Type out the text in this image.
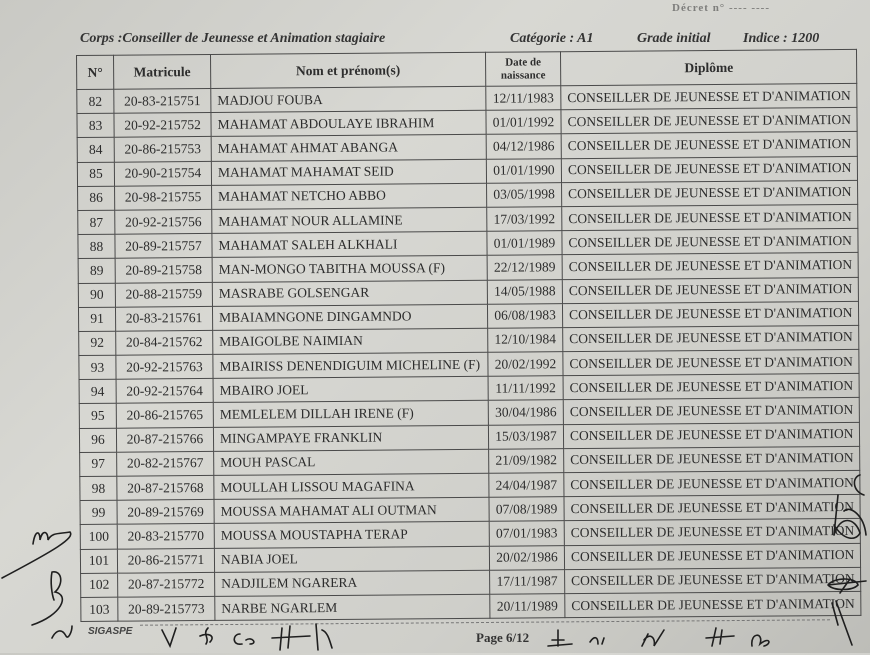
Décret n° ---- ----
Corps :Conseiller de Jeunesse et Animation stagiaire	Catégorie : A1	Grade initial Indice : 1200
N°	Matricule	Nom et prénom(s)	Date de
naissance	Diplôme
82	20-83-215751	MADJOU FOUBA	12/11/1983	CONSEILLER DE JEUNESSE ET D'ANIMATION
83	20-92-215752	MAHAMAT ABDOULAYE IBRAHIM	01/01/1992	CONSEILLER DE JEUNESSE ET D'ANIMATION
84	20-86-215753	MAHAMAT AHMAT ABANGA	04/12/1986	CONSEILLER DE JEUNESSE ET D'ANIMATION
85	20-90-215754	MAHAMAT MAHAMAT SEID	01/01/1990	CONSEILLER DE JEUNESSE ET D'ANIMATION
86	20-98-215755	MAHAMAT NETCHO ABBO	03/05/1998	CONSEILLER DE JEUNESSE ET D'ANIMATION
87	20-92-215756	MAHAMAT NOUR ALLAMINE	17/03/1992	CONSEILLER DE JEUNESSE ET D'ANIMATION
88	20-89-215757	MAHAMAT SALEH ALKHALI	01/01/1989	CONSEILLER DE JEUNESSE ET D'ANIMATION
89	20-89-215758	MAN-MONGO TABITHA MOUSSA (F)	22/12/1989	CONSEILLER DE JEUNESSE ET D'ANIMATION
90	20-88-215759	MASRABE GOLSENGAR	14/05/1988	CONSEILLER DE JEUNESSE ET D'ANIMATION
91	20-83-215761	MBAIAMNGONE DINGAMNDO	06/08/1983	CONSEILLER DE JEUNESSE ET D'ANIMATION
92	20-84-215762	MBAIGOLBE NAIMIAN	12/10/1984	CONSEILLER DE JEUNESSE ET D'ANIMATION
93	20-92-215763	MBAIRISS DENENDIGUIM MICHELINE (F)	20/02/1992	CONSEILLER DE JEUNESSE ET D'ANIMATION
94	20-92-215764	MBAIRO JOEL	11/11/1992	CONSEILLER DE JEUNESSE ET D'ANIMATION
95	20-86-215765	MEMLELEM DILLAH IRENE (F)	30/04/1986	CONSEILLER DE JEUNESSE ET D'ANIMATION
96	20-87-215766	MINGAMPAYE FRANKLIN	15/03/1987	CONSEILLER DE JEUNESSE ET D'ANIMATION
97	20-82-215767	MOUH PASCAL	21/09/1982	CONSEILLER DE JEUNESSE ET D'ANIMATION
98	20-87-215768	MOULLAH LISSOU MAGAFINA	24/04/1987	CONSEILLER DE JEUNESSE ET D'ANIMATION
99	20-89-215769	MOUSSA MAHAMAT ALI OUTMAN	07/08/1989	CONSEILLER DE JEUNESSE ET D'ANIMATION
100	20-83-215770	MOUSSA MOUSTAPHA TERAP	07/01/1983	CONSEILLER DE JEUNESSE ET D'ANIMATION
101	20-86-215771	NABIA JOEL	20/02/1986	CONSEILLER DE JEUNESSE ET D'ANIMATION
102	20-87-215772	NADJILEM NGARERA	17/11/1987	CONSEILLER DE JEUNESSE ET D'ANIMATION
103	20-89-215773	NARBE NGARLEM	20/11/1989	CONSEILLER DE JEUNESSE ET D'ANIMATION
SIGASPE	Page 6/12
